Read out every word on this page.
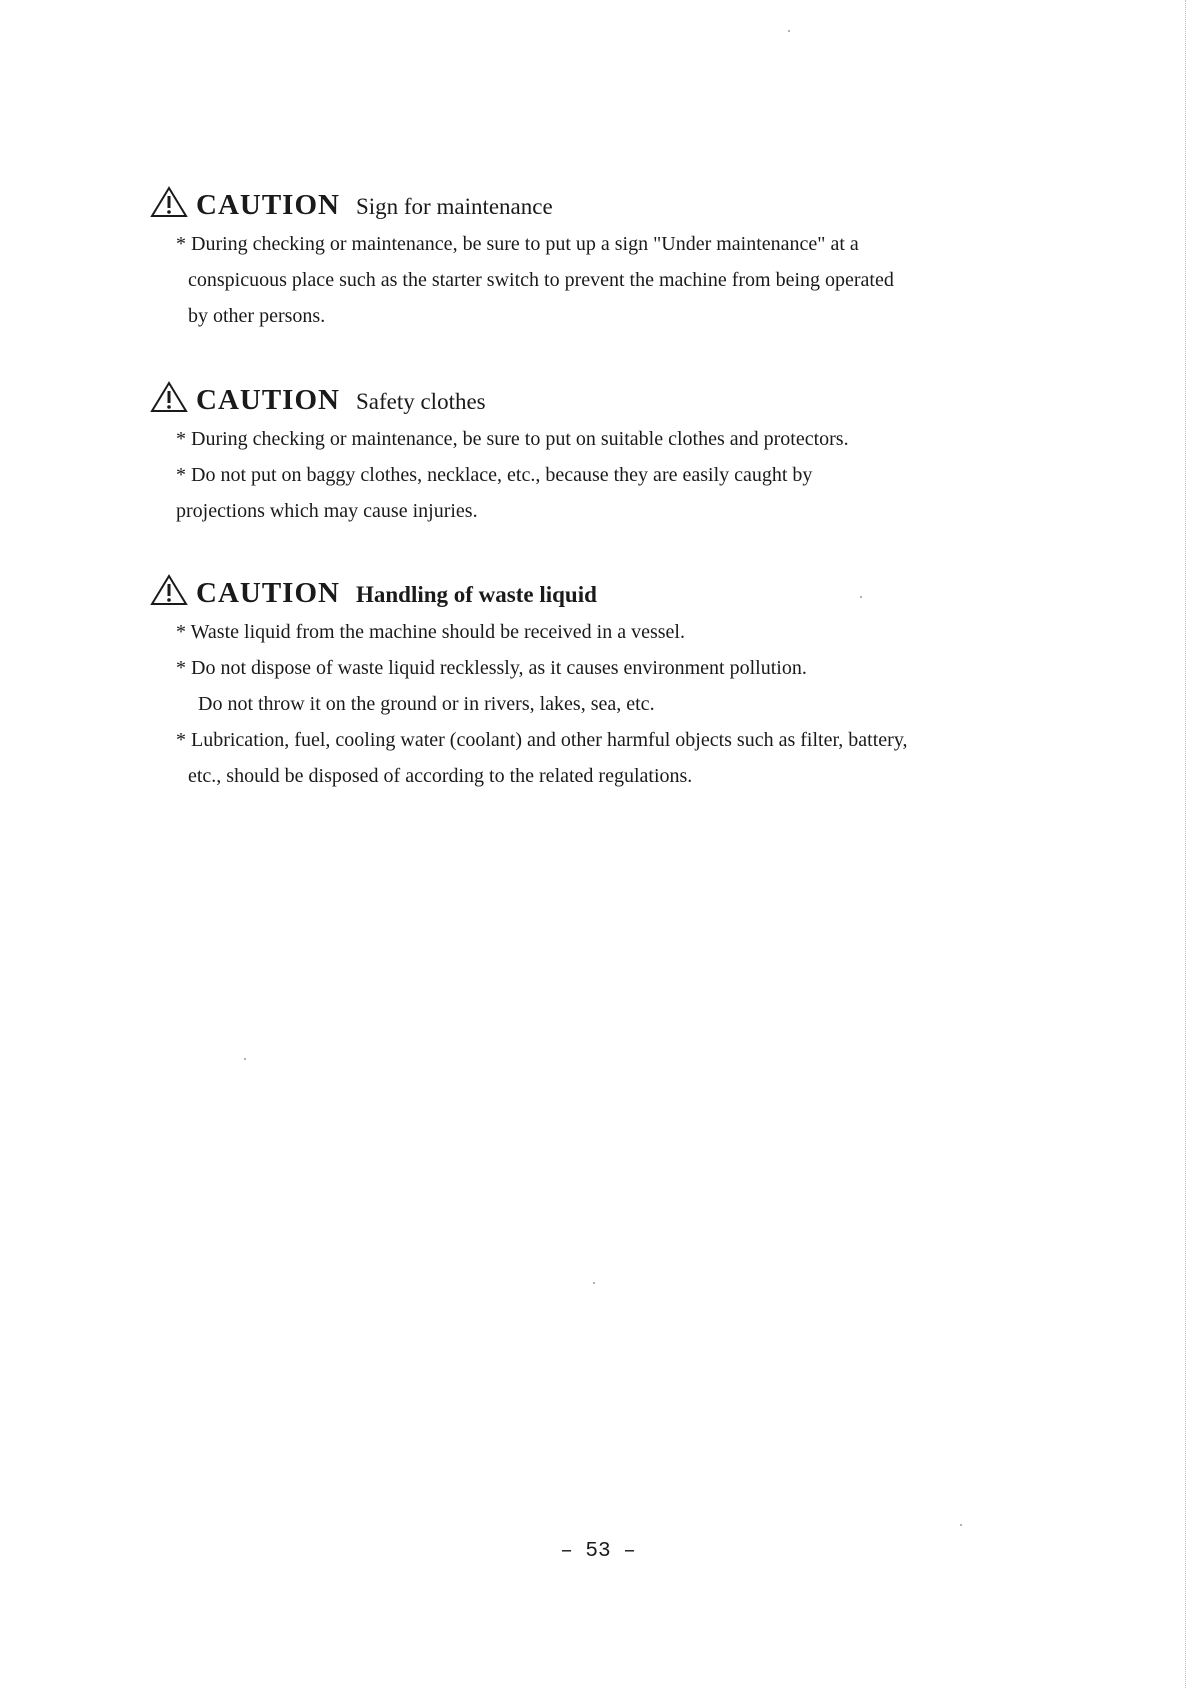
CAUTION Sign for maintenance
* During checking or maintenance, be sure to put up a sign "Under maintenance" at a
conspicuous place such as the starter switch to prevent the machine from being operated
by other persons.
CAUTION Safety clothes
* During checking or maintenance, be sure to put on suitable clothes and protectors.
* Do not put on baggy clothes, necklace, etc., because they are easily caught by
projections which may cause injuries.
CAUTION Handling of waste liquid
* Waste liquid from the machine should be received in a vessel.
* Do not dispose of waste liquid recklessly, as it causes environment pollution.
Do not throw it on the ground or in rivers, lakes, sea, etc.
* Lubrication, fuel, cooling water (coolant) and other harmful objects such as filter, battery,
etc., should be disposed of according to the related regulations.
– 53 –
